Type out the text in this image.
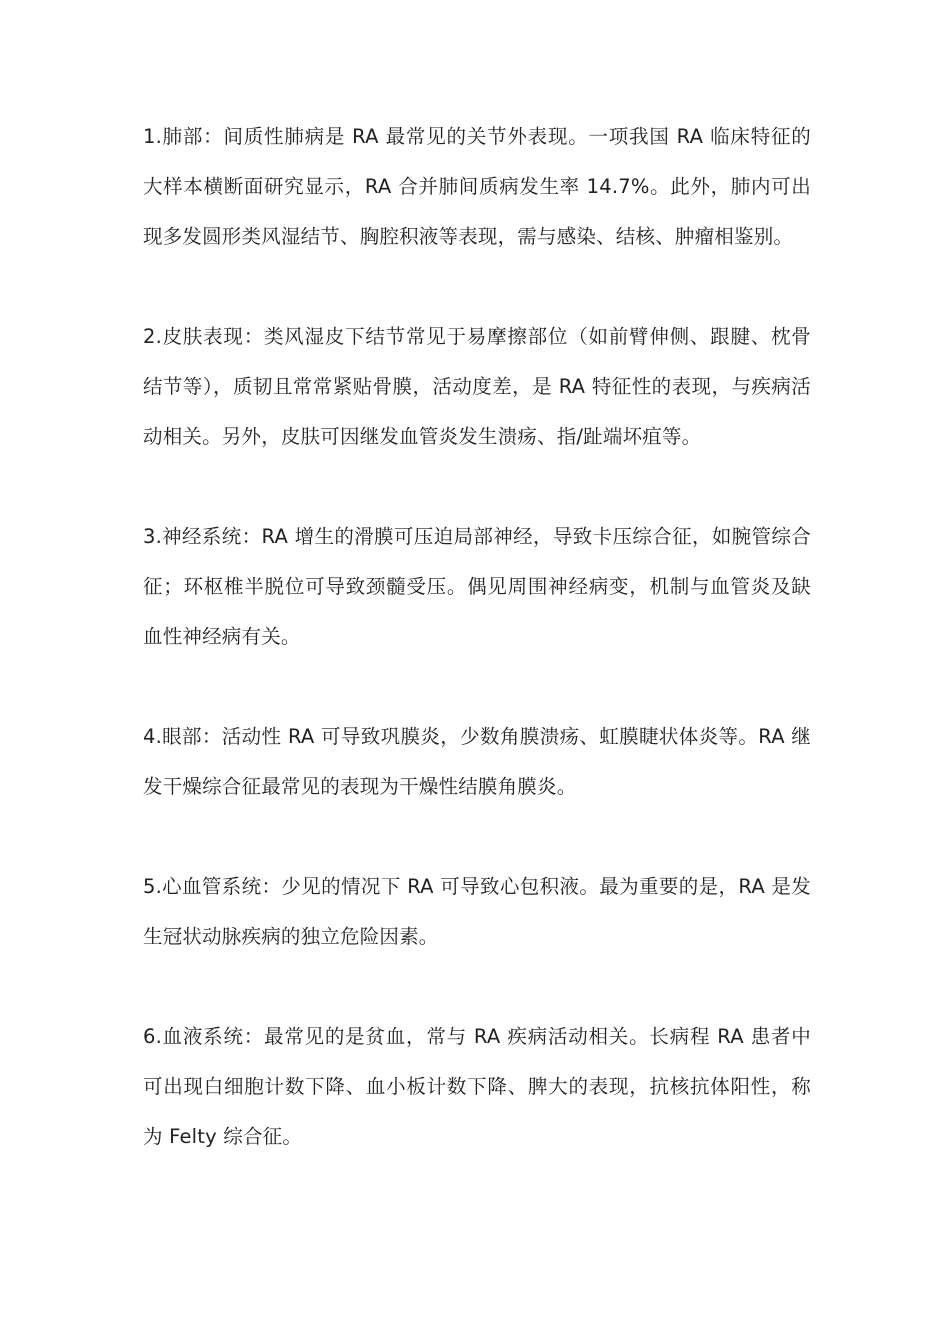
1.肺部：间质性肺病是 RA 最常见的关节外表现。一项我国 RA 临床特征的大样本横断面研究显示，RA 合并肺间质病发生率 14.7%。此外，肺内可出现多发圆形类风湿结节、胸腔积液等表现，需与感染、结核、肿瘤相鉴别。

2.皮肤表现：类风湿皮下结节常见于易摩擦部位（如前臂伸侧、跟腱、枕骨结节等），质韧且常常紧贴骨膜，活动度差，是 RA 特征性的表现，与疾病活动相关。另外，皮肤可因继发血管炎发生溃疡、指/趾端坏疽等。

3.神经系统：RA 增生的滑膜可压迫局部神经，导致卡压综合征，如腕管综合征；环枢椎半脱位可导致颈髓受压。偶见周围神经病变，机制与血管炎及缺血性神经病有关。

4.眼部：活动性 RA 可导致巩膜炎，少数角膜溃疡、虹膜睫状体炎等。RA 继发干燥综合征最常见的表现为干燥性结膜角膜炎。

5.心血管系统：少见的情况下 RA 可导致心包积液。最为重要的是，RA 是发生冠状动脉疾病的独立危险因素。

6.血液系统：最常见的是贫血，常与 RA 疾病活动相关。长病程 RA 患者中可出现白细胞计数下降、血小板计数下降、脾大的表现，抗核抗体阳性，称为 Felty 综合征。
